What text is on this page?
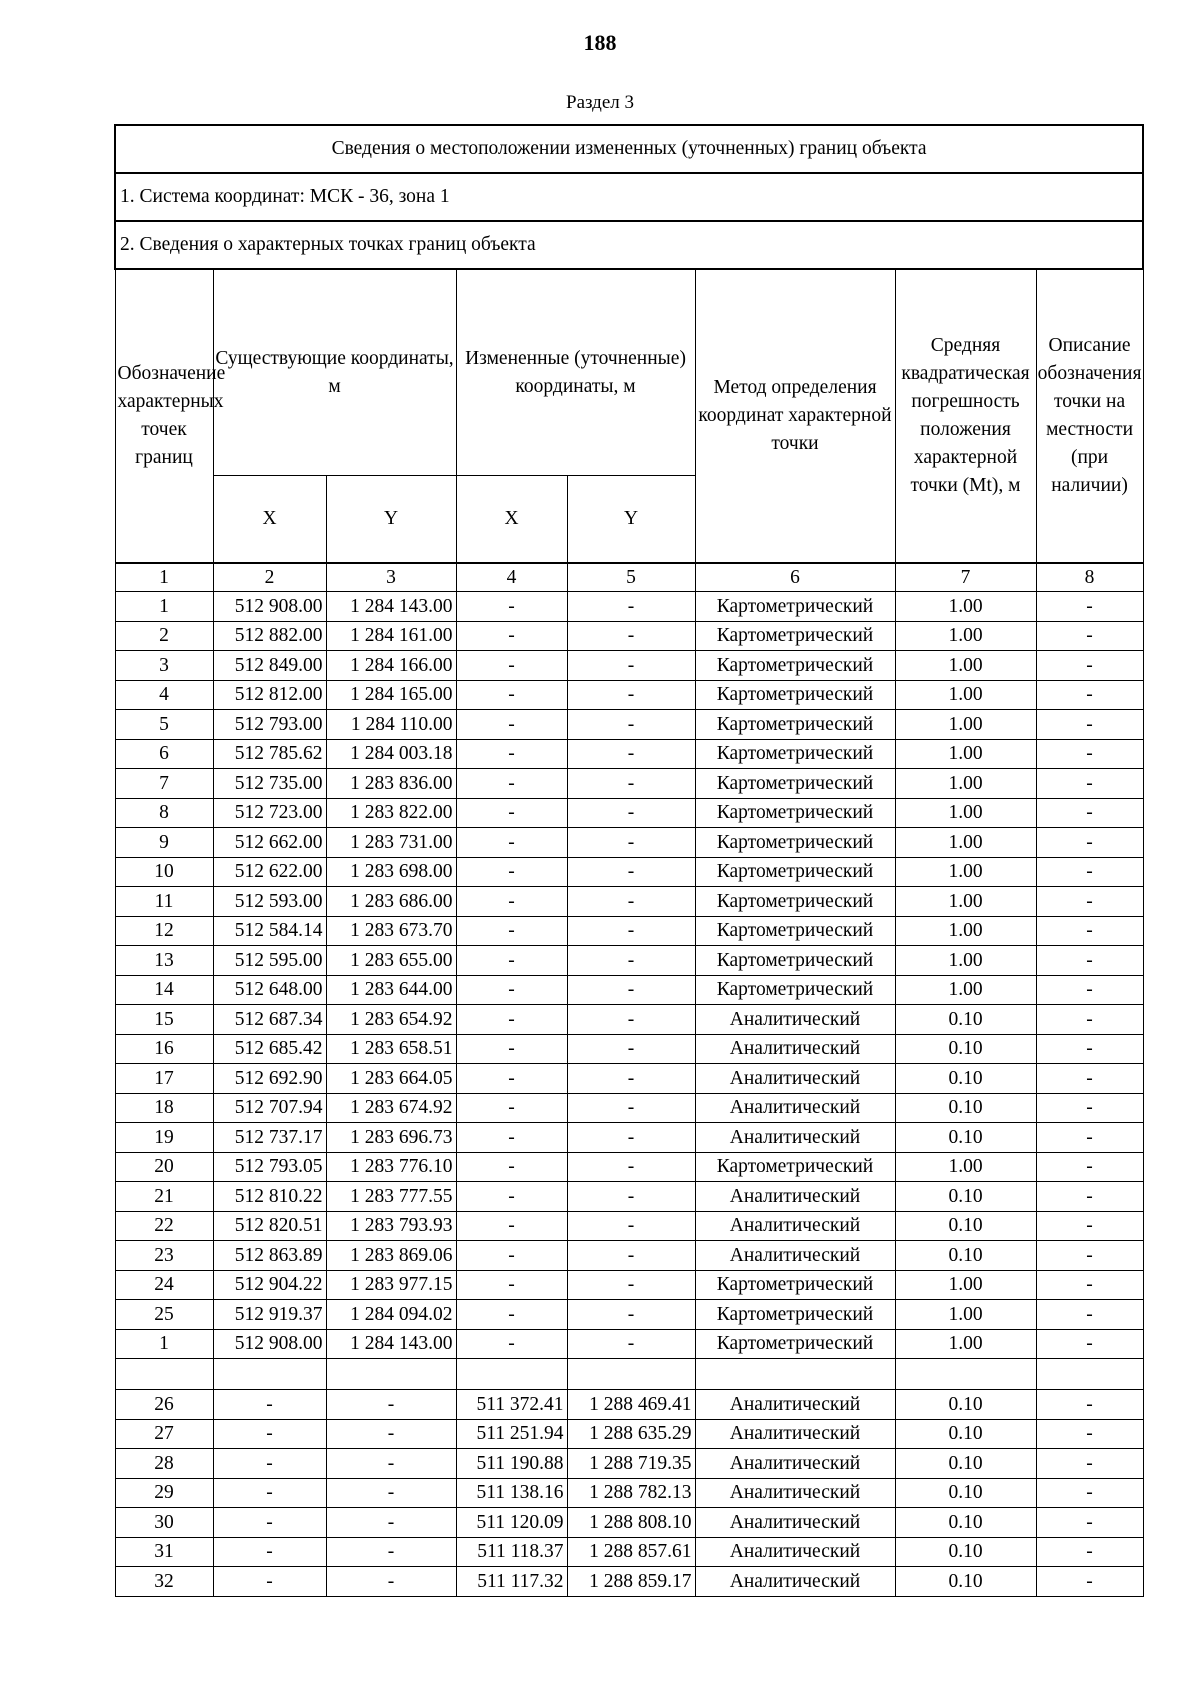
188
Раздел 3
Сведения о местоположении измененных (уточненных) границ объекта							
1. Система координат: МСК - 36, зона 1							
2. Сведения о характерных точках границ объекта							
Обозначение характерных точек границ	Существующие координаты, м		Измененные (уточненные) координаты, м		Метод определения координат характерной точки	Средняя квадратическая погрешность положения характерной точки (Mt), м	Описание обозначения точки на местности (при наличии)
	X	Y	X	Y			
1	2	3	4	5	6	7	8
1	512 908.00	1 284 143.00	-	-	Картометрический	1.00	-
2	512 882.00	1 284 161.00	-	-	Картометрический	1.00	-
3	512 849.00	1 284 166.00	-	-	Картометрический	1.00	-
4	512 812.00	1 284 165.00	-	-	Картометрический	1.00	-
5	512 793.00	1 284 110.00	-	-	Картометрический	1.00	-
6	512 785.62	1 284 003.18	-	-	Картометрический	1.00	-
7	512 735.00	1 283 836.00	-	-	Картометрический	1.00	-
8	512 723.00	1 283 822.00	-	-	Картометрический	1.00	-
9	512 662.00	1 283 731.00	-	-	Картометрический	1.00	-
10	512 622.00	1 283 698.00	-	-	Картометрический	1.00	-
11	512 593.00	1 283 686.00	-	-	Картометрический	1.00	-
12	512 584.14	1 283 673.70	-	-	Картометрический	1.00	-
13	512 595.00	1 283 655.00	-	-	Картометрический	1.00	-
14	512 648.00	1 283 644.00	-	-	Картометрический	1.00	-
15	512 687.34	1 283 654.92	-	-	Аналитический	0.10	-
16	512 685.42	1 283 658.51	-	-	Аналитический	0.10	-
17	512 692.90	1 283 664.05	-	-	Аналитический	0.10	-
18	512 707.94	1 283 674.92	-	-	Аналитический	0.10	-
19	512 737.17	1 283 696.73	-	-	Аналитический	0.10	-
20	512 793.05	1 283 776.10	-	-	Картометрический	1.00	-
21	512 810.22	1 283 777.55	-	-	Аналитический	0.10	-
22	512 820.51	1 283 793.93	-	-	Аналитический	0.10	-
23	512 863.89	1 283 869.06	-	-	Аналитический	0.10	-
24	512 904.22	1 283 977.15	-	-	Картометрический	1.00	-
25	512 919.37	1 284 094.02	-	-	Картометрический	1.00	-
1	512 908.00	1 284 143.00	-	-	Картометрический	1.00	-

26	-	-	511 372.41	1 288 469.41	Аналитический	0.10	-
27	-	-	511 251.94	1 288 635.29	Аналитический	0.10	-
28	-	-	511 190.88	1 288 719.35	Аналитический	0.10	-
29	-	-	511 138.16	1 288 782.13	Аналитический	0.10	-
30	-	-	511 120.09	1 288 808.10	Аналитический	0.10	-
31	-	-	511 118.37	1 288 857.61	Аналитический	0.10	-
32	-	-	511 117.32	1 288 859.17	Аналитический	0.10	-
